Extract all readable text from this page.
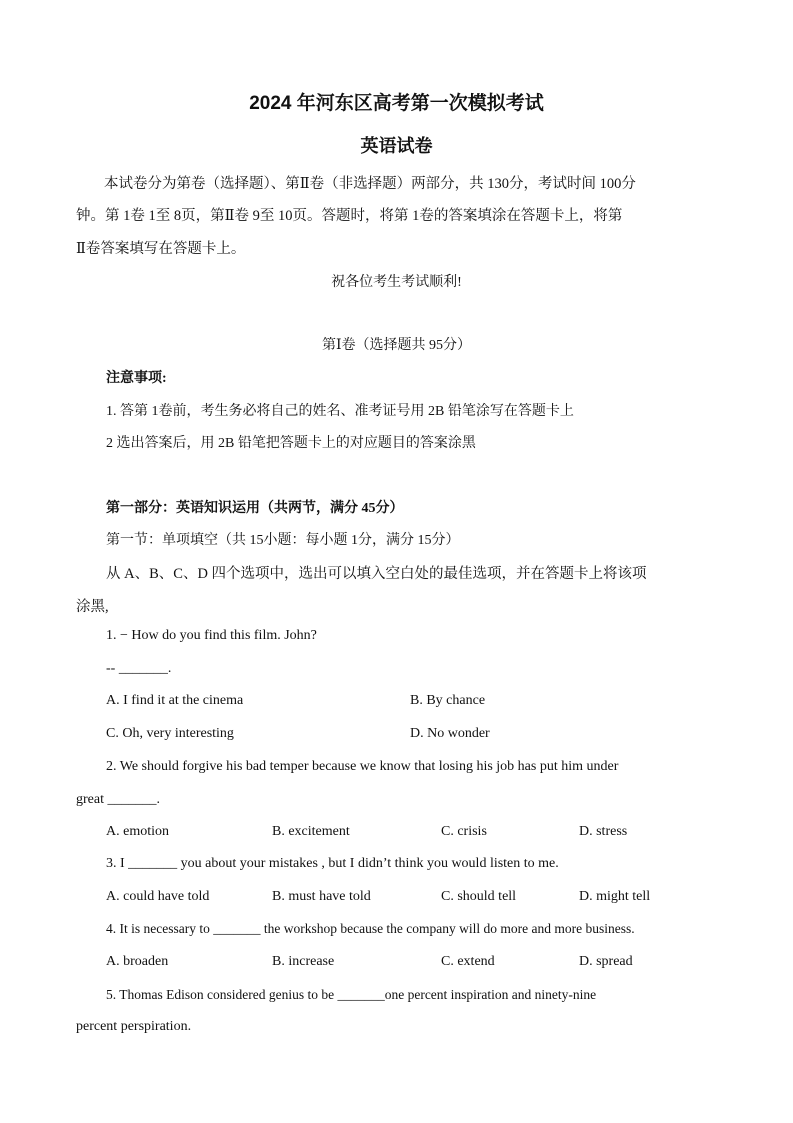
2024 年河东区高考第一次模拟考试
英语试卷
本试卷分为第卷（选择题）、第Ⅱ卷（非选择题）两部分，共 130分，考试时间 100分
钟。第 1卷 1至 8页，第Ⅱ卷 9至 10页。答题时，将第 1卷的答案填涂在答题卡上，将第
Ⅱ卷答案填写在答题卡上。
祝各位考生考试顺利!
第Ⅰ卷（选择题共 95分）
注意事项:
1. 答第 1卷前，考生务必将自己的姓名、准考证号用 2B 铅笔涂写在答题卡上
2 选出答案后，用 2B 铅笔把答题卡上的对应题目的答案涂黑
第一部分：英语知识运用（共两节，满分 45分）
第一节：单项填空（共 15小题：每小题 1分，满分 15分）
从 A、B、C、D 四个选项中，选出可以填入空白处的最佳选项，并在答题卡上将该项
涂黑,
1. − How do you find this film. John?
-- _______.
A. I find it at the cinema	B. By chance
C. Oh, very interesting	D. No wonder
2. We should forgive his bad temper because we know that losing his job has put him under
great _______.
A. emotion	B. excitement	C. crisis	D. stress
3. I _______ you about your mistakes , but I didn’t think you would listen to me.
A. could have told	B. must have told	C. should tell	D. might tell
4. It is necessary to _______ the workshop because the company will do more and more business.
A. broaden	B. increase	C. extend	D. spread
5. Thomas Edison considered genius to be _______one percent inspiration and ninety-nine
percent perspiration.
